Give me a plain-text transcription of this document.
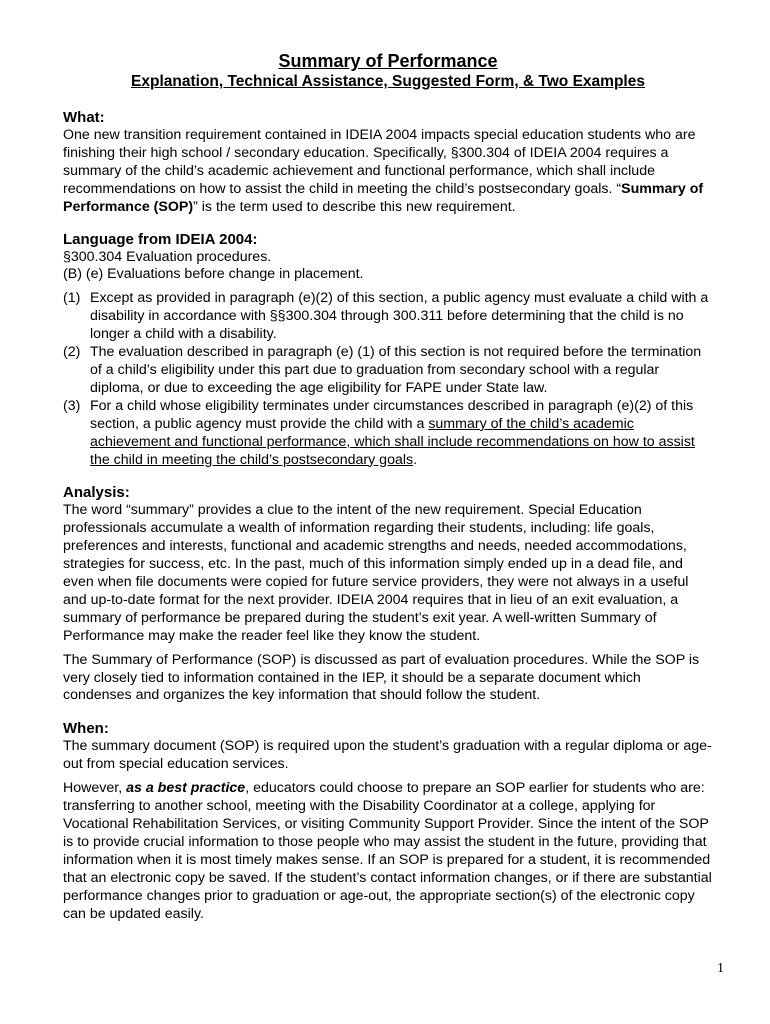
Summary of Performance
Explanation, Technical Assistance, Suggested Form, & Two Examples

What:

One new transition requirement contained in IDEIA 2004 impacts special education students who are finishing their high school / secondary education. Specifically, §300.304 of IDEIA 2004 requires a summary of the child’s academic achievement and functional performance, which shall include recommendations on how to assist the child in meeting the child’s postsecondary goals. “Summary of Performance (SOP)” is the term used to describe this new requirement.

Language from IDEIA 2004:

§300.304 Evaluation procedures.

(B) (e) Evaluations before change in placement.

(1) Except as provided in paragraph (e)(2) of this section, a public agency must evaluate a child with a disability in accordance with §§300.304 through 300.311 before determining that the child is no longer a child with a disability.
(2) The evaluation described in paragraph (e) (1) of this section is not required before the termination of a child’s eligibility under this part due to graduation from secondary school with a regular diploma, or due to exceeding the age eligibility for FAPE under State law.
(3) For a child whose eligibility terminates under circumstances described in paragraph (e)(2) of this section, a public agency must provide the child with a summary of the child’s academic achievement and functional performance, which shall include recommendations on how to assist the child in meeting the child’s postsecondary goals.

Analysis:

The word “summary” provides a clue to the intent of the new requirement. Special Education professionals accumulate a wealth of information regarding their students, including: life goals, preferences and interests, functional and academic strengths and needs, needed accommodations, strategies for success, etc. In the past, much of this information simply ended up in a dead file, and even when file documents were copied for future service providers, they were not always in a useful and up-to-date format for the next provider. IDEIA 2004 requires that in lieu of an exit evaluation, a summary of performance be prepared during the student’s exit year. A well-written Summary of Performance may make the reader feel like they know the student.

The Summary of Performance (SOP) is discussed as part of evaluation procedures. While the SOP is very closely tied to information contained in the IEP, it should be a separate document which condenses and organizes the key information that should follow the student.

When:

The summary document (SOP) is required upon the student’s graduation with a regular diploma or age-out from special education services.

However, as a best practice, educators could choose to prepare an SOP earlier for students who are: transferring to another school, meeting with the Disability Coordinator at a college, applying for Vocational Rehabilitation Services, or visiting Community Support Provider. Since the intent of the SOP is to provide crucial information to those people who may assist the student in the future, providing that information when it is most timely makes sense. If an SOP is prepared for a student, it is recommended that an electronic copy be saved. If the student’s contact information changes, or if there are substantial performance changes prior to graduation or age-out, the appropriate section(s) of the electronic copy can be updated easily.

1
